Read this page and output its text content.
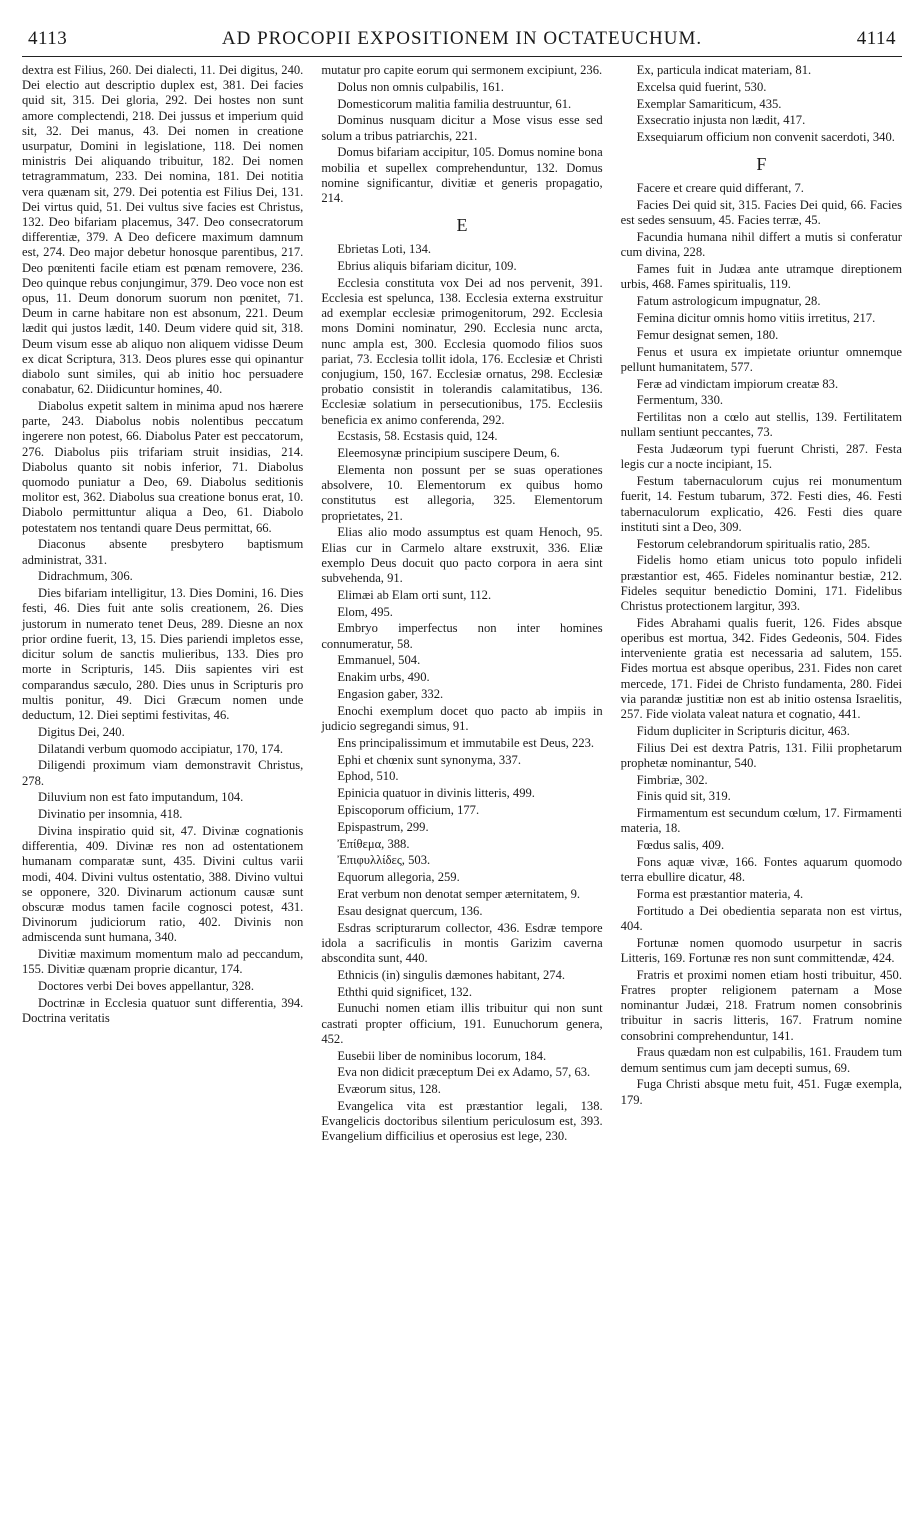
4113	AD PROCOPII EXPOSITIONEM IN OCTATEUCHUM.	4114

dextra est Filius, 260. Dei dialecti, 11. Dei digitus, 240. Dei electio aut descriptio duplex est, 381. Dei facies quid sit, 315. Dei gloria, 292. Dei hostes non sunt amore complectendi, 218. Dei jussus et imperium quid sit, 32. Dei manus, 43. Dei nomen in creatione usurpatur, Domini in legislatione, 118. Dei nomen ministris Dei aliquando tribuitur, 182. Dei nomen tetragrammatum, 233. Dei nomina, 181. Dei notitia vera quænam sit, 279. Dei potentia est Filius Dei, 131. Dei virtus quid, 51. Dei vultus sive facies est Christus, 132. Deo bifariam placemus, 347. Deo consecratorum differentiæ, 379. A Deo deficere maximum damnum est, 274. Deo major debetur honosque parentibus, 217. Deo pœnitenti facile etiam est pœnam removere, 236. Deo quinque rebus conjungimur, 379. Deo voce non est opus, 11. Deum donorum suorum non pœnitet, 71. Deum in carne habitare non est absonum, 221. Deum lædit qui justos lædit, 140. Deum videre quid sit, 318. Deum visum esse ab aliquo non aliquem vidisse Deum ex dicat Scriptura, 313. Deos plures esse qui opinantur diabolo sunt similes, qui ab initio hoc persuadere conabatur, 62. Diidicuntur homines, 40.

Diabolus expetit saltem in minima apud nos hærere parte, 243. Diabolus nobis nolentibus peccatum ingerere non potest, 66. Diabolus Pater est peccatorum, 276. Diabolus piis trifariam struit insidias, 214. Diabolus quanto sit nobis inferior, 71. Diabolus quomodo puniatur a Deo, 69. Diabolus seditionis molitor est, 362. Diabolus sua creatione bonus erat, 10. Diabolo permittuntur aliqua a Deo, 61. Diabolo potestatem nos tentandi quare Deus permittat, 66.

Diaconus absente presbytero baptismum administrat, 331.

Didrachmum, 306.

Dies bifariam intelligitur, 13. Dies Domini, 16. Dies festi, 46. Dies fuit ante solis creationem, 26. Dies justorum in numerato tenet Deus, 289. Diesne an nox prior ordine fuerit, 13, 15. Dies pariendi impletos esse, dicitur solum de sanctis mulieribus, 133. Dies pro morte in Scripturis, 145. Diis sapientes viri est comparandus sæculo, 280. Dies unus in Scripturis pro multis ponitur, 49. Dici Græcum nomen unde deductum, 12. Diei septimi festivitas, 46.

Digitus Dei, 240.

Dilatandi verbum quomodo accipiatur, 170, 174.

Diligendi proximum viam demonstravit Christus, 278.

Diluvium non est fato imputandum, 104.

Divinatio per insomnia, 418.

Divina inspiratio quid sit, 47. Divinæ cognationis differentia, 409. Divinæ res non ad ostentationem humanam comparatæ sunt, 435. Divini cultus varii modi, 404. Divini vultus ostentatio, 388. Divino vultui se opponere, 320. Divinarum actionum causæ sunt obscuræ modus tamen facile cognosci potest, 431. Divinorum judiciorum ratio, 402. Divinis non admiscenda sunt humana, 340.

Divitiæ maximum momentum malo ad peccandum, 155. Divitiæ quænam proprie dicantur, 174.

Doctores verbi Dei boves appellantur, 328.

Doctrinæ in Ecclesia quatuor sunt differentia, 394. Doctrina veritatis

mutatur pro capite eorum qui sermonem excipiunt, 236.

Dolus non omnis culpabilis, 161.

Domesticorum malitia familia destruuntur, 61.

Dominus nusquam dicitur a Mose visus esse sed solum a tribus patriarchis, 221.

Domus bifariam accipitur, 105. Domus nomine bona mobilia et supellex comprehenduntur, 132. Domus nomine significantur, divitiæ et generis propagatio, 214.

E

Ebrietas Loti, 134.

Ebrius aliquis bifariam dicitur, 109.

Ecclesia constituta vox Dei ad nos pervenit, 391. Ecclesia est spelunca, 138. Ecclesia externa exstruitur ad exemplar ecclesiæ primogenitorum, 292. Ecclesia mons Domini nominatur, 290. Ecclesia nunc arcta, nunc ampla est, 300. Ecclesia quomodo filios suos pariat, 73. Ecclesia tollit idola, 176. Ecclesiæ et Christi conjugium, 150, 167. Ecclesiæ ornatus, 298. Ecclesiæ probatio consistit in tolerandis calamitatibus, 136. Ecclesiæ solatium in persecutionibus, 175. Ecclesiis beneficia ex animo conferenda, 292.

Ecstasis, 58. Ecstasis quid, 124.

Eleemosynæ principium suscipere Deum, 6.

Elementa non possunt per se suas operationes absolvere, 10. Elementorum ex quibus homo constitutus est allegoria, 325. Elementorum proprietates, 21.

Elias alio modo assumptus est quam Henoch, 95. Elias cur in Carmelo altare exstruxit, 336. Eliæ exemplo Deus docuit quo pacto corpora in aera sint subvehenda, 91.

Elimæi ab Elam orti sunt, 112.

Elom, 495.

Embryo imperfectus non inter homines connumeratur, 58.

Emmanuel, 504.

Enakim urbs, 490.

Engasion gaber, 332.

Enochi exemplum docet quo pacto ab impiis in judicio segregandi simus, 91.

Ens principalissimum et immutabile est Deus, 223.

Ephi et chœnix sunt synonyma, 337.

Ephod, 510.

Epinicia quatuor in divinis litteris, 499.

Episcoporum officium, 177.

Epispastrum, 299.

Ἐπίθεμα, 388.

Ἐπιφυλλίδες, 503.

Equorum allegoria, 259.

Erat verbum non denotat semper æternitatem, 9.

Esau designat quercum, 136.

Esdras scripturarum collector, 436. Esdræ tempore idola a sacrificulis in montis Garizim caverna abscondita sunt, 440.

Ethnicis (in) singulis dæmones habitant, 274.

Eththi quid significet, 132.

Eunuchi nomen etiam illis tribuitur qui non sunt castrati propter officium, 191. Eunuchorum genera, 452.

Eusebii liber de nominibus locorum, 184.

Eva non didicit præceptum Dei ex Adamo, 57, 63.

Evæorum situs, 128.

Evangelica vita est præstantior legali, 138. Evangelicis doctoribus silentium periculosum est, 393. Evangelium difficilius et operosius est lege, 230.

Ex, particula indicat materiam, 81.

Excelsa quid fuerint, 530.

Exemplar Samariticum, 435.

Exsecratio injusta non lædit, 417.

Exsequiarum officium non convenit sacerdoti, 340.

F

Facere et creare quid differant, 7.

Facies Dei quid sit, 315. Facies Dei quid, 66. Facies est sedes sensuum, 45. Facies terræ, 45.

Facundia humana nihil differt a mutis si conferatur cum divina, 228.

Fames fuit in Judæa ante utramque direptionem urbis, 468. Fames spiritualis, 119.

Fatum astrologicum impugnatur, 28.

Femina dicitur omnis homo vitiis irretitus, 217.

Femur designat semen, 180.

Fenus et usura ex impietate oriuntur omnemque pellunt humanitatem, 577.

Feræ ad vindictam impiorum creatæ 83.

Fermentum, 330.

Fertilitas non a cœlo aut stellis, 139. Fertilitatem nullam sentiunt peccantes, 73.

Festa Judæorum typi fuerunt Christi, 287. Festa legis cur a nocte incipiant, 15.

Festum tabernaculorum cujus rei monumentum fuerit, 14. Festum tubarum, 372. Festi dies, 46. Festi tabernaculorum explicatio, 426. Festi dies quare instituti sint a Deo, 309.

Festorum celebrandorum spiritualis ratio, 285.

Fidelis homo etiam unicus toto populo infideli præstantior est, 465. Fideles nominantur bestiæ, 212. Fideles sequitur benedictio Domini, 171. Fidelibus Christus protectionem largitur, 393.

Fides Abrahami qualis fuerit, 126. Fides absque operibus est mortua, 342. Fides Gedeonis, 504. Fides interveniente gratia est necessaria ad salutem, 155. Fides mortua est absque operibus, 231. Fides non caret mercede, 171. Fidei de Christo fundamenta, 280. Fidei via parandæ justitiæ non est ab initio ostensa Israelitis, 257. Fide violata valeat natura et cognatio, 441.

Fidum dupliciter in Scripturis dicitur, 463.

Filius Dei est dextra Patris, 131. Filii prophetarum prophetæ nominantur, 540.

Fimbriæ, 302.

Finis quid sit, 319.

Firmamentum est secundum cœlum, 17. Firmamenti materia, 18.

Fœdus salis, 409.

Fons aquæ vivæ, 166. Fontes aquarum quomodo terra ebullire dicatur, 48.

Forma est præstantior materia, 4.

Fortitudo a Dei obedientia separata non est virtus, 404.

Fortunæ nomen quomodo usurpetur in sacris Litteris, 169. Fortunæ res non sunt committendæ, 424.

Fratris et proximi nomen etiam hosti tribuitur, 450. Fratres propter religionem paternam a Mose nominantur Judæi, 218. Fratrum nomen consobrinis tribuitur in sacris litteris, 167. Fratrum nomine consobrini comprehenduntur, 141.

Fraus quædam non est culpabilis, 161. Fraudem tum demum sentimus cum jam decepti sumus, 69.

Fuga Christi absque metu fuit, 451. Fugæ exempla, 179.
